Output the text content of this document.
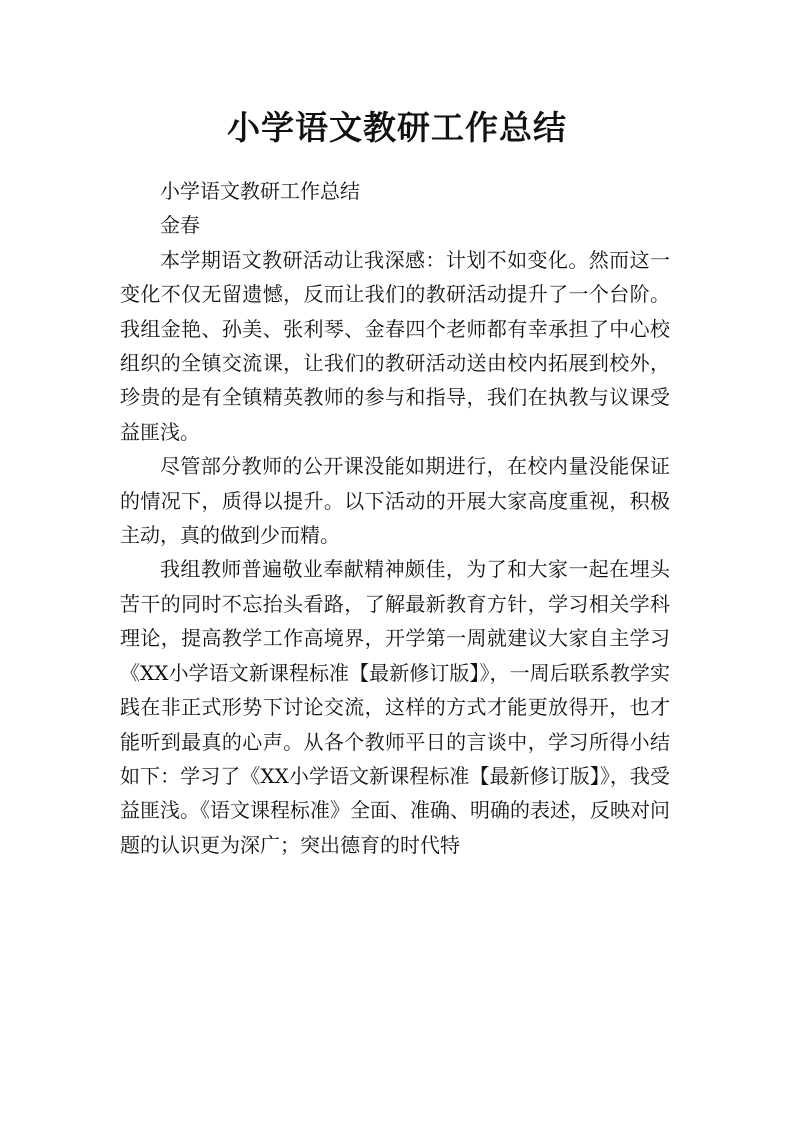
小学语文教研工作总结

小学语文教研工作总结

金春

本学期语文教研活动让我深感：计划不如变化。然而这一变化不仅无留遗憾，反而让我们的教研活动提升了一个台阶。我组金艳、孙美、张利琴、金春四个老师都有幸承担了中心校组织的全镇交流课，让我们的教研活动送由校内拓展到校外，珍贵的是有全镇精英教师的参与和指导，我们在执教与议课受益匪浅。

尽管部分教师的公开课没能如期进行，在校内量没能保证的情况下，质得以提升。以下活动的开展大家高度重视，积极主动，真的做到少而精。

我组教师普遍敬业奉献精神颇佳，为了和大家一起在埋头苦干的同时不忘抬头看路，了解最新教育方针，学习相关学科理论，提高教学工作高境界，开学第一周就建议大家自主学习《XX小学语文新课程标准【最新修订版】》，一周后联系教学实践在非正式形势下讨论交流，这样的方式才能更放得开，也才能听到最真的心声。从各个教师平日的言谈中，学习所得小结如下：学习了《XX小学语文新课程标准【最新修订版】》，我受益匪浅。《语文课程标准》全面、准确、明确的表述，反映对问题的认识更为深广；突出德育的时代特
